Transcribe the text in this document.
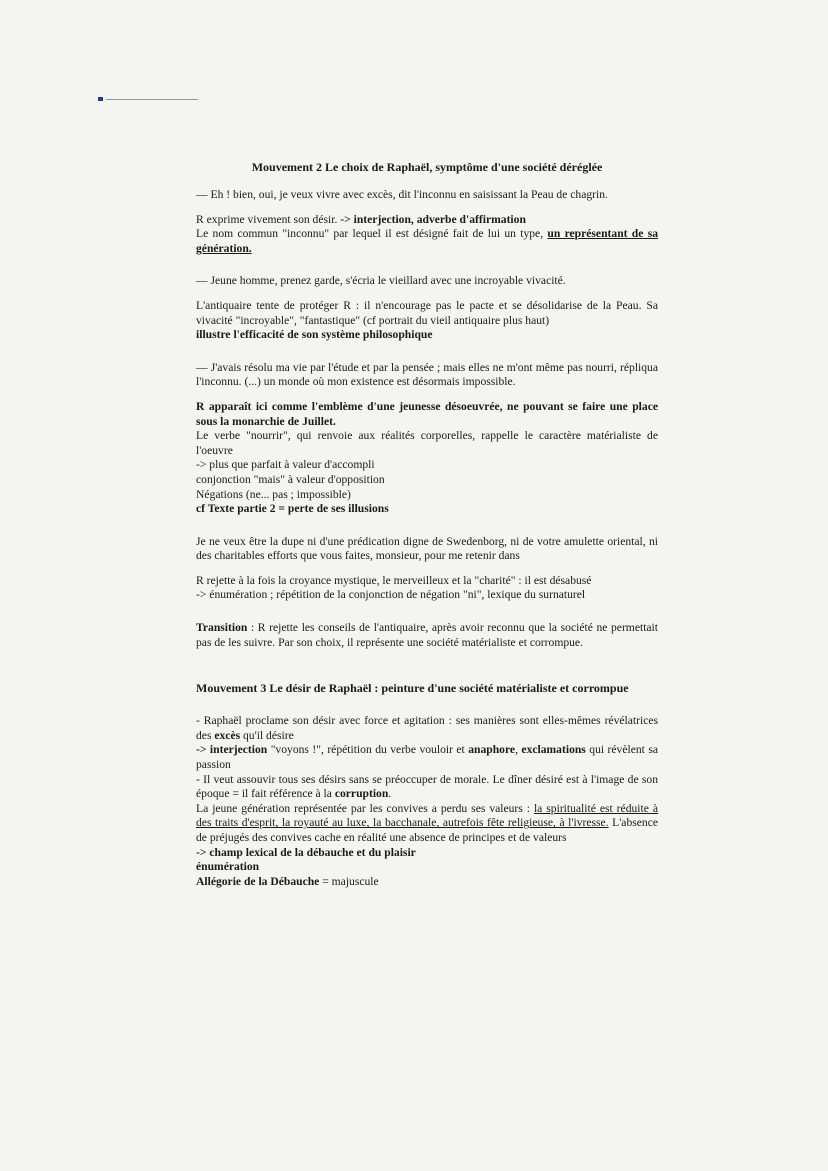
Mouvement 2 Le choix de Raphaël, symptôme d'une société déréglée

— Eh ! bien, oui, je veux vivre avec excès, dit l'inconnu en saisissant la Peau de chagrin.

R exprime vivement son désir. -> interjection, adverbe d'affirmation

Le nom commun "inconnu" par lequel il est désigné fait de lui un type, un représentant de sa génération.

— Jeune homme, prenez garde, s'écria le vieillard avec une incroyable vivacité.

L'antiquaire tente de protéger R : il n'encourage pas le pacte et se désolidarise de la Peau. Sa vivacité "incroyable", "fantastique" (cf portrait du vieil antiquaire plus haut)

illustre l'efficacité de son système philosophique

— J'avais résolu ma vie par l'étude et par la pensée ; mais elles ne m'ont même pas nourri, répliqua l'inconnu. (...) un monde où mon existence est désormais impossible.

R apparaît ici comme l'emblème d'une jeunesse désoeuvrée, ne pouvant se faire une place sous la monarchie de Juillet.

Le verbe "nourrir", qui renvoie aux réalités corporelles, rappelle le caractère matérialiste de l'oeuvre

-> plus que parfait à valeur d'accompli

conjonction "mais" à valeur d'opposition

Négations (ne... pas ; impossible)

cf Texte partie 2 = perte de ses illusions

Je ne veux être la dupe ni d'une prédication digne de Swedenborg, ni de votre amulette oriental, ni des charitables efforts que vous faites, monsieur, pour me retenir dans

R rejette à la fois la croyance mystique, le merveilleux et la "charité" : il est désabusé

-> énumération ; répétition de la conjonction de négation "ni", lexique du surnaturel

Transition : R rejette les conseils de l'antiquaire, après avoir reconnu que la société ne permettait pas de les suivre. Par son choix, il représente une société matérialiste et corrompue.

Mouvement 3 Le désir de Raphaël : peinture d'une société matérialiste et corrompue

- Raphaël proclame son désir avec force et agitation : ses manières sont elles-mêmes révélatrices des excès qu'il désire

-> interjection "voyons !", répétition du verbe vouloir et anaphore, exclamations qui révèlent sa passion

- Il veut assouvir tous ses désirs sans se préoccuper de morale. Le dîner désiré est à l'image de son époque = il fait référence à la corruption.

La jeune génération représentée par les convives a perdu ses valeurs : la spiritualité est réduite à des traits d'esprit, la royauté au luxe, la bacchanale, autrefois fête religieuse, à l'ivresse. L'absence de préjugés des convives cache en réalité une absence de principes et de valeurs

-> champ lexical de la débauche et du plaisir

énumération

Allégorie de la Débauche = majuscule
